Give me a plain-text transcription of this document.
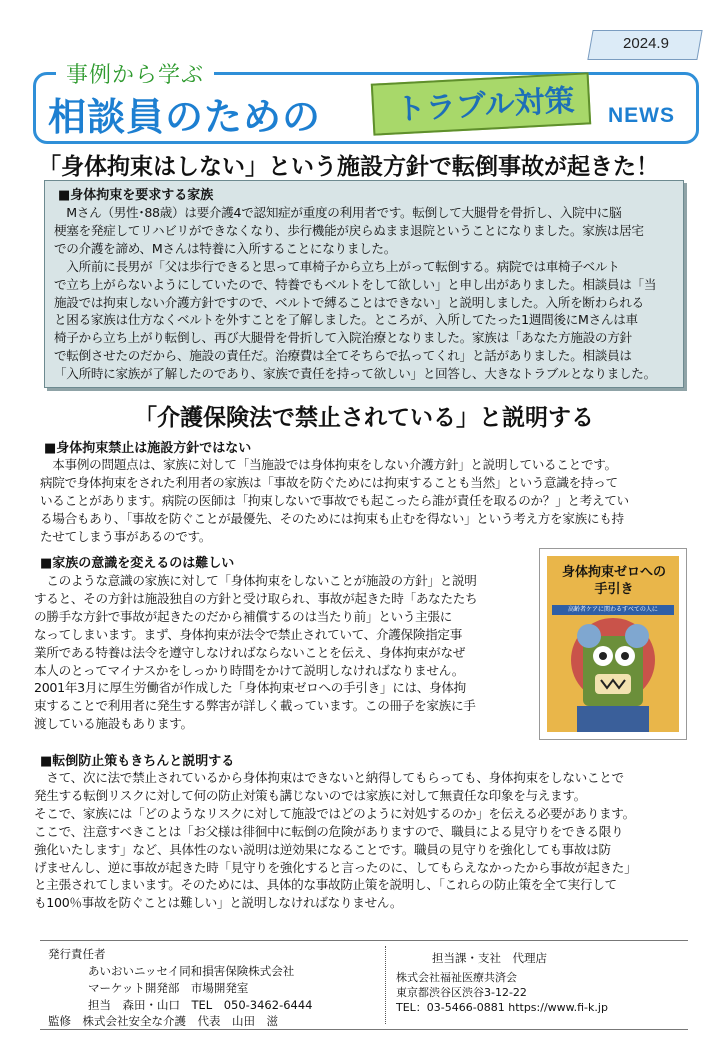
2024.9
事例から学ぶ
相談員のための	トラブル対策	NEWS
「身体拘束はしない」という施設方針で転倒事故が起きた！
■身体拘束を要求する家族
　Mさん（男性･88歳）は要介護4で認知症が重度の利用者です。転倒して大腿骨を骨折し、入院中に脳
梗塞を発症してリハビリができなくなり、歩行機能が戻らぬまま退院ということになりました。家族は居宅
での介護を諦め、Mさんは特養に入所することになりました。
　入所前に長男が「父は歩行できると思って車椅子から立ち上がって転倒する。病院では車椅子ベルト
で立ち上がらないようにしていたので、特養でもベルトをして欲しい」と申し出がありました。相談員は「当
施設では拘束しない介護方針ですので、ベルトで縛ることはできない」と説明しました。入所を断わられる
と困る家族は仕方なくベルトを外すことを了解しました。ところが、入所してたった1週間後にMさんは車
椅子から立ち上がり転倒し、再び大腿骨を骨折して入院治療となりました。家族は「あなた方施設の方針
で転倒させたのだから、施設の責任だ。治療費は全てそちらで払ってくれ」と話がありました。相談員は
「入所時に家族が了解したのであり、家族で責任を持って欲しい」と回答し、大きなトラブルとなりました。
「介護保険法で禁止されている」と説明する
■身体拘束禁止は施設方針ではない
　本事例の問題点は、家族に対して「当施設では身体拘束をしない介護方針」と説明していることです。
病院で身体拘束をされた利用者の家族は「事故を防ぐためには拘束することも当然」という意識を持って
いることがあります。病院の医師は「拘束しないで事故でも起こったら誰が責任を取るのか？」と考えてい
る場合もあり、「事故を防ぐことが最優先、そのためには拘束も止むを得ない」という考え方を家族にも持
たせてしまう事があるのです。
■家族の意識を変えるのは難しい
　このような意識の家族に対して「身体拘束をしないことが施設の方針」と説明
すると、その方針は施設独自の方針と受け取られ、事故が起きた時「あなたたち
の勝手な方針で事故が起きたのだから補償するのは当たり前」という主張に
なってしまいます。まず、身体拘束が法令で禁止されていて、介護保険指定事
業所である特養は法令を遵守しなければならないことを伝え、身体拘束がなぜ
本人のとってマイナスかをしっかり時間をかけて説明しなければなりません。
2001年3月に厚生労働省が作成した「身体拘束ゼロへの手引き」には、身体拘
束することで利用者に発生する弊害が詳しく載っています。この冊子を家族に手
渡している施設もあります。
身体拘束ゼロへの
手引き
高齢者ケアに関わるすべての人に
■転倒防止策もきちんと説明する
　さて、次に法で禁止されているから身体拘束はできないと納得してもらっても、身体拘束をしないことで
発生する転倒リスクに対して何の防止対策も講じないのでは家族に対して無責任な印象を与えます。
そこで、家族には「どのようなリスクに対して施設ではどのように対処するのか」を伝える必要があります。
ここで、注意すべきことは「お父様は徘徊中に転倒の危険がありますので、職員による見守りをできる限り
強化いたします」など、具体性のない説明は逆効果になることです。職員の見守りを強化しても事故は防
げませんし、逆に事故が起きた時「見守りを強化すると言ったのに、してもらえなかったから事故が起きた」
と主張されてしまいます。そのためには、具体的な事故防止策を説明し、「これらの防止策を全て実行して
も100％事故を防ぐことは難しい」と説明しなければなりません。
発行責任者
あいおいニッセイ同和損害保険株式会社
マーケット開発部　市場開発室
担当　森田・山口　TEL　050-3462-6444
監修　株式会社安全な介護　代表　山田　滋
担当課・支社　代理店
株式会社福祉医療共済会
東京都渋谷区渋谷3-12-22
TEL：03-5466-0881 https://www.fi-k.jp
